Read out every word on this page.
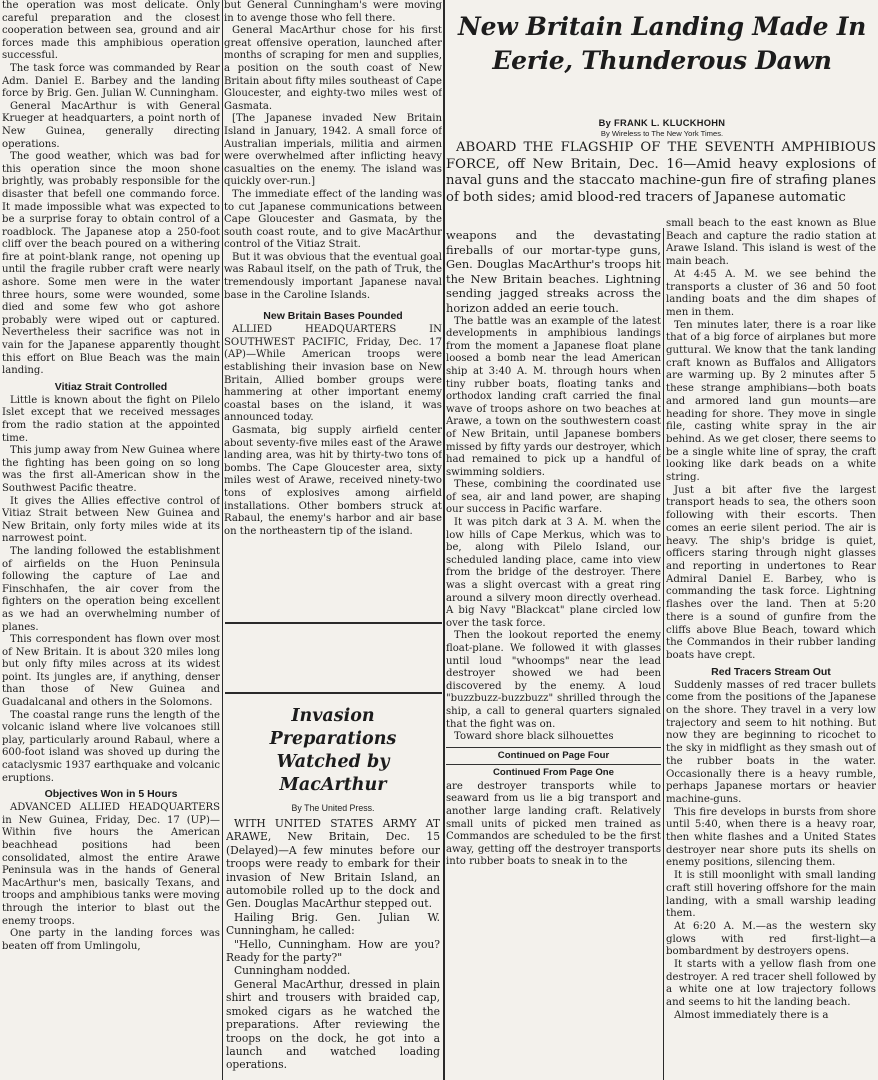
the operation was most delicate. Only careful preparation and the closest cooperation between sea, ground and air forces made this amphibious operation successful.

The task force was commanded by Rear Adm. Daniel E. Barbey and the landing force by Brig. Gen. Julian W. Cunningham.

General MacArthur is with General Krueger at headquarters, a point north of New Guinea, generally directing operations.

The good weather, which was bad for this operation since the moon shone brightly, was probably responsible for the disaster that befell one commando force. It made impossible what was expected to be a surprise foray to obtain control of a roadblock. The Japanese atop a 250-foot cliff over the beach poured on a withering fire at point-blank range, not opening up until the fragile rubber craft were nearly ashore. Some men were in the water three hours, some were wounded, some died and some few who got ashore probably were wiped out or captured. Nevertheless their sacrifice was not in vain for the Japanese apparently thought this effort on Blue Beach was the main landing.

Vitiaz Strait Controlled

Little is known about the fight on Pilelo Islet except that we received messages from the radio station at the appointed time.

This jump away from New Guinea where the fighting has been going on so long was the first all-American show in the Southwest Pacific theatre.

It gives the Allies effective control of Vitiaz Strait between New Guinea and New Britain, only forty miles wide at its narrowest point.

The landing followed the establishment of airfields on the Huon Peninsula following the capture of Lae and Finschhafen, the air cover from the fighters on the operation being excellent as we had an overwhelming number of planes.

This correspondent has flown over most of New Britain. It is about 320 miles long but only fifty miles across at its widest point. Its jungles are, if anything, denser than those of New Guinea and Guadalcanal and others in the Solomons.

The coastal range runs the length of the volcanic island where live volcanoes still play, particularly around Rabaul, where a 600-foot island was shoved up during the cataclysmic 1937 earthquake and volcanic eruptions.

Objectives Won in 5 Hours

ADVANCED ALLIED HEADQUARTERS in New Guinea, Friday, Dec. 17 (UP)—Within five hours the American beachhead positions had been consolidated, almost the entire Arawe Peninsula was in the hands of General MacArthur's men, basically Texans, and troops and amphibious tanks were moving through the interior to blast out the enemy troops.

One party in the landing forces was beaten off from Umlingolu,

but General Cunningham's were moving in to avenge those who fell there.

General MacArthur chose for his first great offensive operation, launched after months of scraping for men and supplies, a position on the south coast of New Britain about fifty miles southeast of Cape Gloucester, and eighty-two miles west of Gasmata.

[The Japanese invaded New Britain Island in January, 1942. A small force of Australian imperials, militia and airmen were overwhelmed after inflicting heavy casualties on the enemy. The island was quickly over-run.]

The immediate effect of the landing was to cut Japanese communications between Cape Gloucester and Gasmata, by the south coast route, and to give MacArthur control of the Vitiaz Strait.

But it was obvious that the eventual goal was Rabaul itself, on the path of Truk, the tremendously important Japanese naval base in the Caroline Islands.

New Britain Bases Pounded

ALLIED HEADQUARTERS IN SOUTHWEST PACIFIC, Friday, Dec. 17 (AP)—While American troops were establishing their invasion base on New Britain, Allied bomber groups were hammering at other important enemy coastal bases on the island, it was announced today.

Gasmata, big supply airfield center about seventy-five miles east of the Arawe landing area, was hit by thirty-two tons of bombs. The Cape Gloucester area, sixty miles west of Arawe, received ninety-two tons of explosives among airfield installations. Other bombers struck at Rabaul, the enemy's harbor and air base on the northeastern tip of the island.

Invasion Preparations Watched by MacArthur
By The United Press.

WITH UNITED STATES ARMY AT ARAWE, New Britain, Dec. 15 (Delayed)—A few minutes before our troops were ready to embark for their invasion of New Britain Island, an automobile rolled up to the dock and Gen. Douglas MacArthur stepped out.

Hailing Brig. Gen. Julian W. Cunningham, he called:

"Hello, Cunningham. How are you? Ready for the party?"

Cunningham nodded.

General MacArthur, dressed in plain shirt and trousers with braided cap, smoked cigars as he watched the preparations. After reviewing the troops on the dock, he got into a launch and watched loading operations.

New Britain Landing Made In Eerie, Thunderous Dawn
By FRANK L. KLUCKHOHN
By Wireless to The New York Times.

ABOARD THE FLAGSHIP OF THE SEVENTH AMPHIBIOUS FORCE, off New Britain, Dec. 16—Amid heavy explosions of naval guns and the staccato machine-gun fire of strafing planes of both sides; amid blood-red tracers of Japanese automatic

weapons and the devastating fireballs of our mortar-type guns, Gen. Douglas MacArthur's troops hit the New Britain beaches. Lightning sending jagged streaks across the horizon added an eerie touch.

The battle was an example of the latest developments in amphibious landings from the moment a Japanese float plane loosed a bomb near the lead American ship at 3:40 A. M. through hours when tiny rubber boats, floating tanks and orthodox landing craft carried the final wave of troops ashore on two beaches at Arawe, a town on the southwestern coast of New Britain, until Japanese bombers missed by fifty yards our destroyer, which had remained to pick up a handful of swimming soldiers.

These, combining the coordinated use of sea, air and land power, are shaping our success in Pacific warfare.

It was pitch dark at 3 A. M. when the low hills of Cape Merkus, which was to be, along with Pilelo Island, our scheduled landing place, came into view from the bridge of the destroyer. There was a slight overcast with a great ring around a silvery moon directly overhead. A big Navy "Blackcat" plane circled low over the task force.

Then the lookout reported the enemy float-plane. We followed it with glasses until loud "whoomps" near the lead destroyer showed we had been discovered by the enemy. A loud "buzzbuzz-buzzbuzz" shrilled through the ship, a call to general quarters signaled that the fight was on.

Toward shore black silhouettes

Continued on Page Four
Continued From Page One

are destroyer transports while to seaward from us lie a big transport and another large landing craft. Relatively small units of picked men trained as Commandos are scheduled to be the first away, getting off the destroyer transports into rubber boats to sneak in to the

small beach to the east known as Blue Beach and capture the radio station at Arawe Island. This island is west of the main beach.

At 4:45 A. M. we see behind the transports a cluster of 36 and 50 foot landing boats and the dim shapes of men in them.

Ten minutes later, there is a roar like that of a big force of airplanes but more guttural. We know that the tank landing craft known as Buffalos and Alligators are warming up. By 2 minutes after 5 these strange amphibians—both boats and armored land gun mounts—are heading for shore. They move in single file, casting white spray in the air behind. As we get closer, there seems to be a single white line of spray, the craft looking like dark beads on a white string.

Just a bit after five the largest transport heads to sea, the others soon following with their escorts. Then comes an eerie silent period. The air is heavy. The ship's bridge is quiet, officers staring through night glasses and reporting in undertones to Rear Admiral Daniel E. Barbey, who is commanding the task force. Lightning flashes over the land. Then at 5:20 there is a sound of gunfire from the cliffs above Blue Beach, toward which the Commandos in their rubber landing boats have crept.

Red Tracers Stream Out

Suddenly masses of red tracer bullets come from the positions of the Japanese on the shore. They travel in a very low trajectory and seem to hit nothing. But now they are beginning to ricochet to the sky in midflight as they smash out of the rubber boats in the water. Occasionally there is a heavy rumble, perhaps Japanese mortars or heavier machine-guns.

This fire develops in bursts from shore until 5:40, when there is a heavy roar, then white flashes and a United States destroyer near shore puts its shells on enemy positions, silencing them.

It is still moonlight with small landing craft still hovering offshore for the main landing, with a small warship leading them.

At 6:20 A. M.—as the western sky glows with red first-light—a bombardment by destroyers opens.

It starts with a yellow flash from one destroyer. A red tracer shell followed by a white one at low trajectory follows and seems to hit the landing beach.

Almost immediately there is a
